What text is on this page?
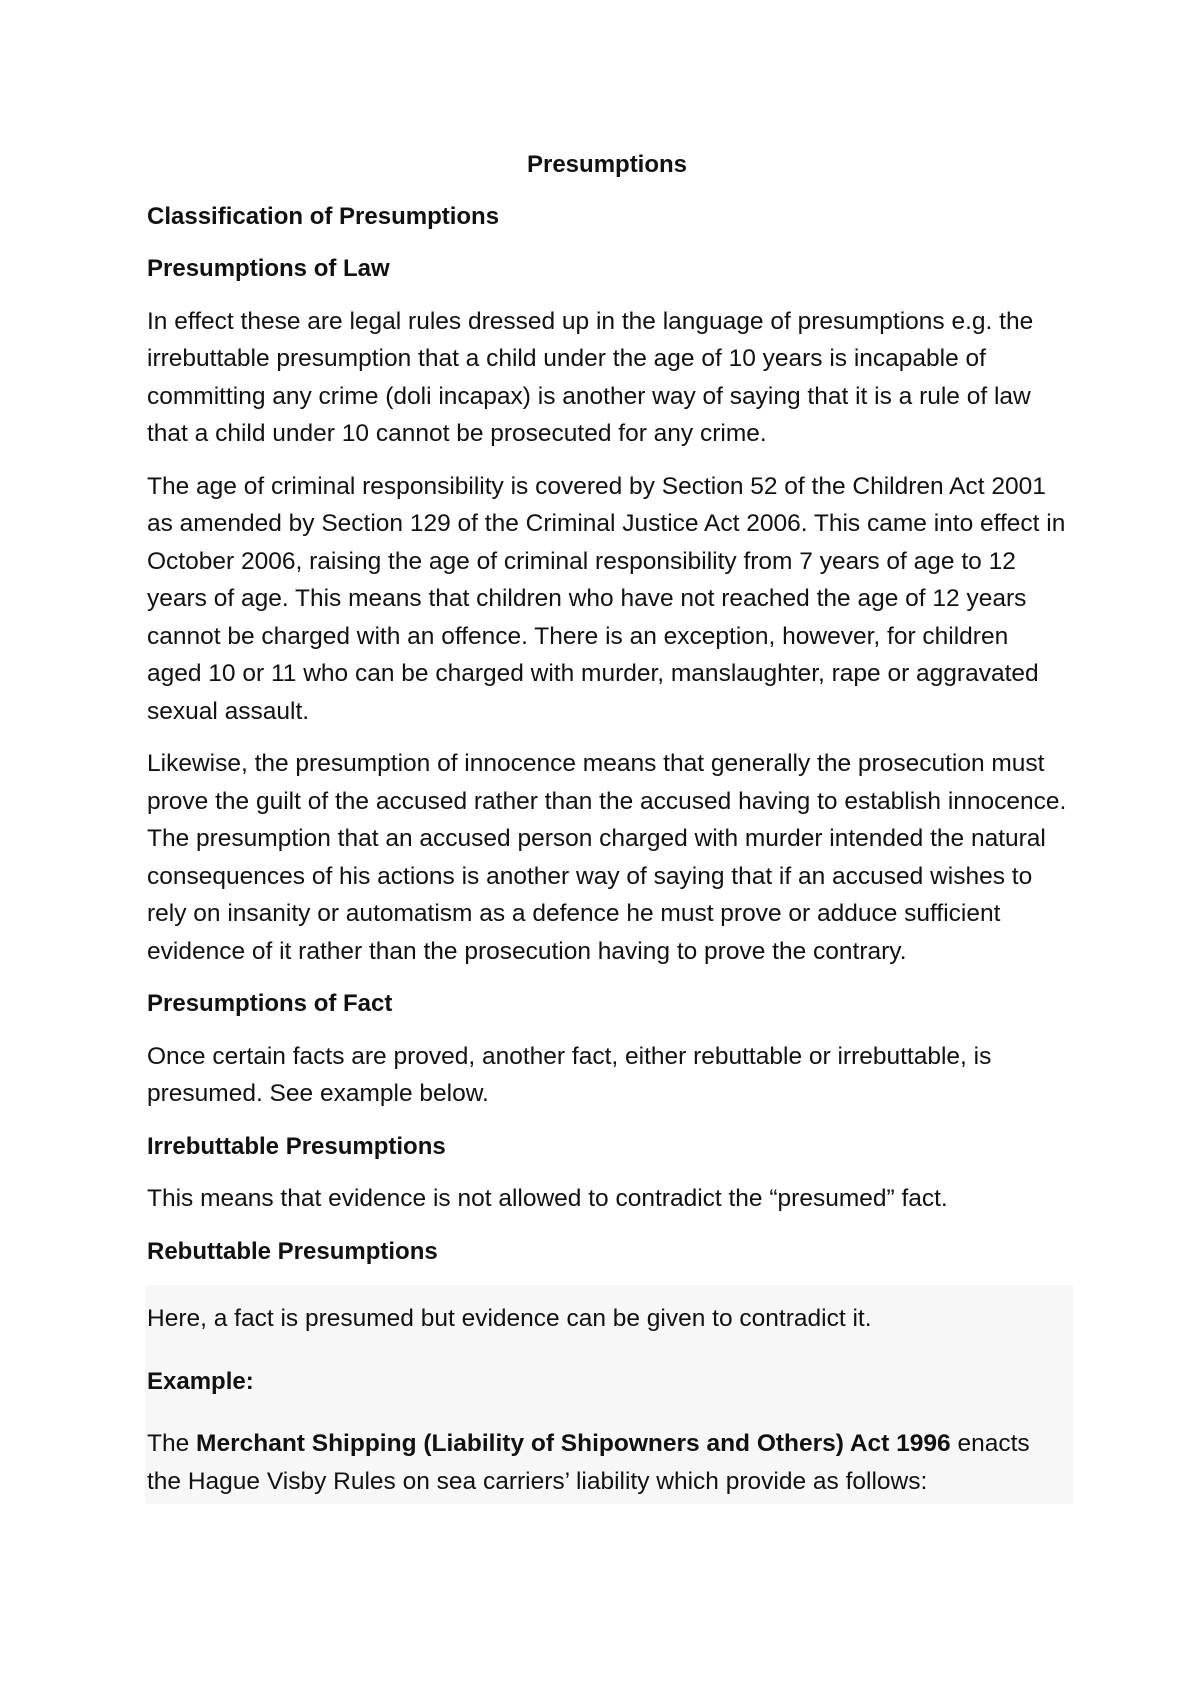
Presumptions
Classification of Presumptions
Presumptions of Law
In effect these are legal rules dressed up in the language of presumptions e.g. the irrebuttable presumption that a child under the age of 10 years is incapable of committing any crime (doli incapax) is another way of saying that it is a rule of law that a child under 10 cannot be prosecuted for any crime.
The age of criminal responsibility is covered by Section 52 of the Children Act 2001 as amended by Section 129 of the Criminal Justice Act 2006. This came into effect in October 2006, raising the age of criminal responsibility from 7 years of age to 12 years of age. This means that children who have not reached the age of 12 years cannot be charged with an offence. There is an exception, however, for children aged 10 or 11 who can be charged with murder, manslaughter, rape or aggravated sexual assault.
Likewise, the presumption of innocence means that generally the prosecution must prove the guilt of the accused rather than the accused having to establish innocence. The presumption that an accused person charged with murder intended the natural consequences of his actions is another way of saying that if an accused wishes to rely on insanity or automatism as a defence he must prove or adduce sufficient evidence of it rather than the prosecution having to prove the contrary.
Presumptions of Fact
Once certain facts are proved, another fact, either rebuttable or irrebuttable, is presumed. See example below.
Irrebuttable Presumptions
This means that evidence is not allowed to contradict the “presumed” fact.
Rebuttable Presumptions
Here, a fact is presumed but evidence can be given to contradict it.
Example:
The Merchant Shipping (Liability of Shipowners and Others) Act 1996 enacts the Hague Visby Rules on sea carriers’ liability which provide as follows:
